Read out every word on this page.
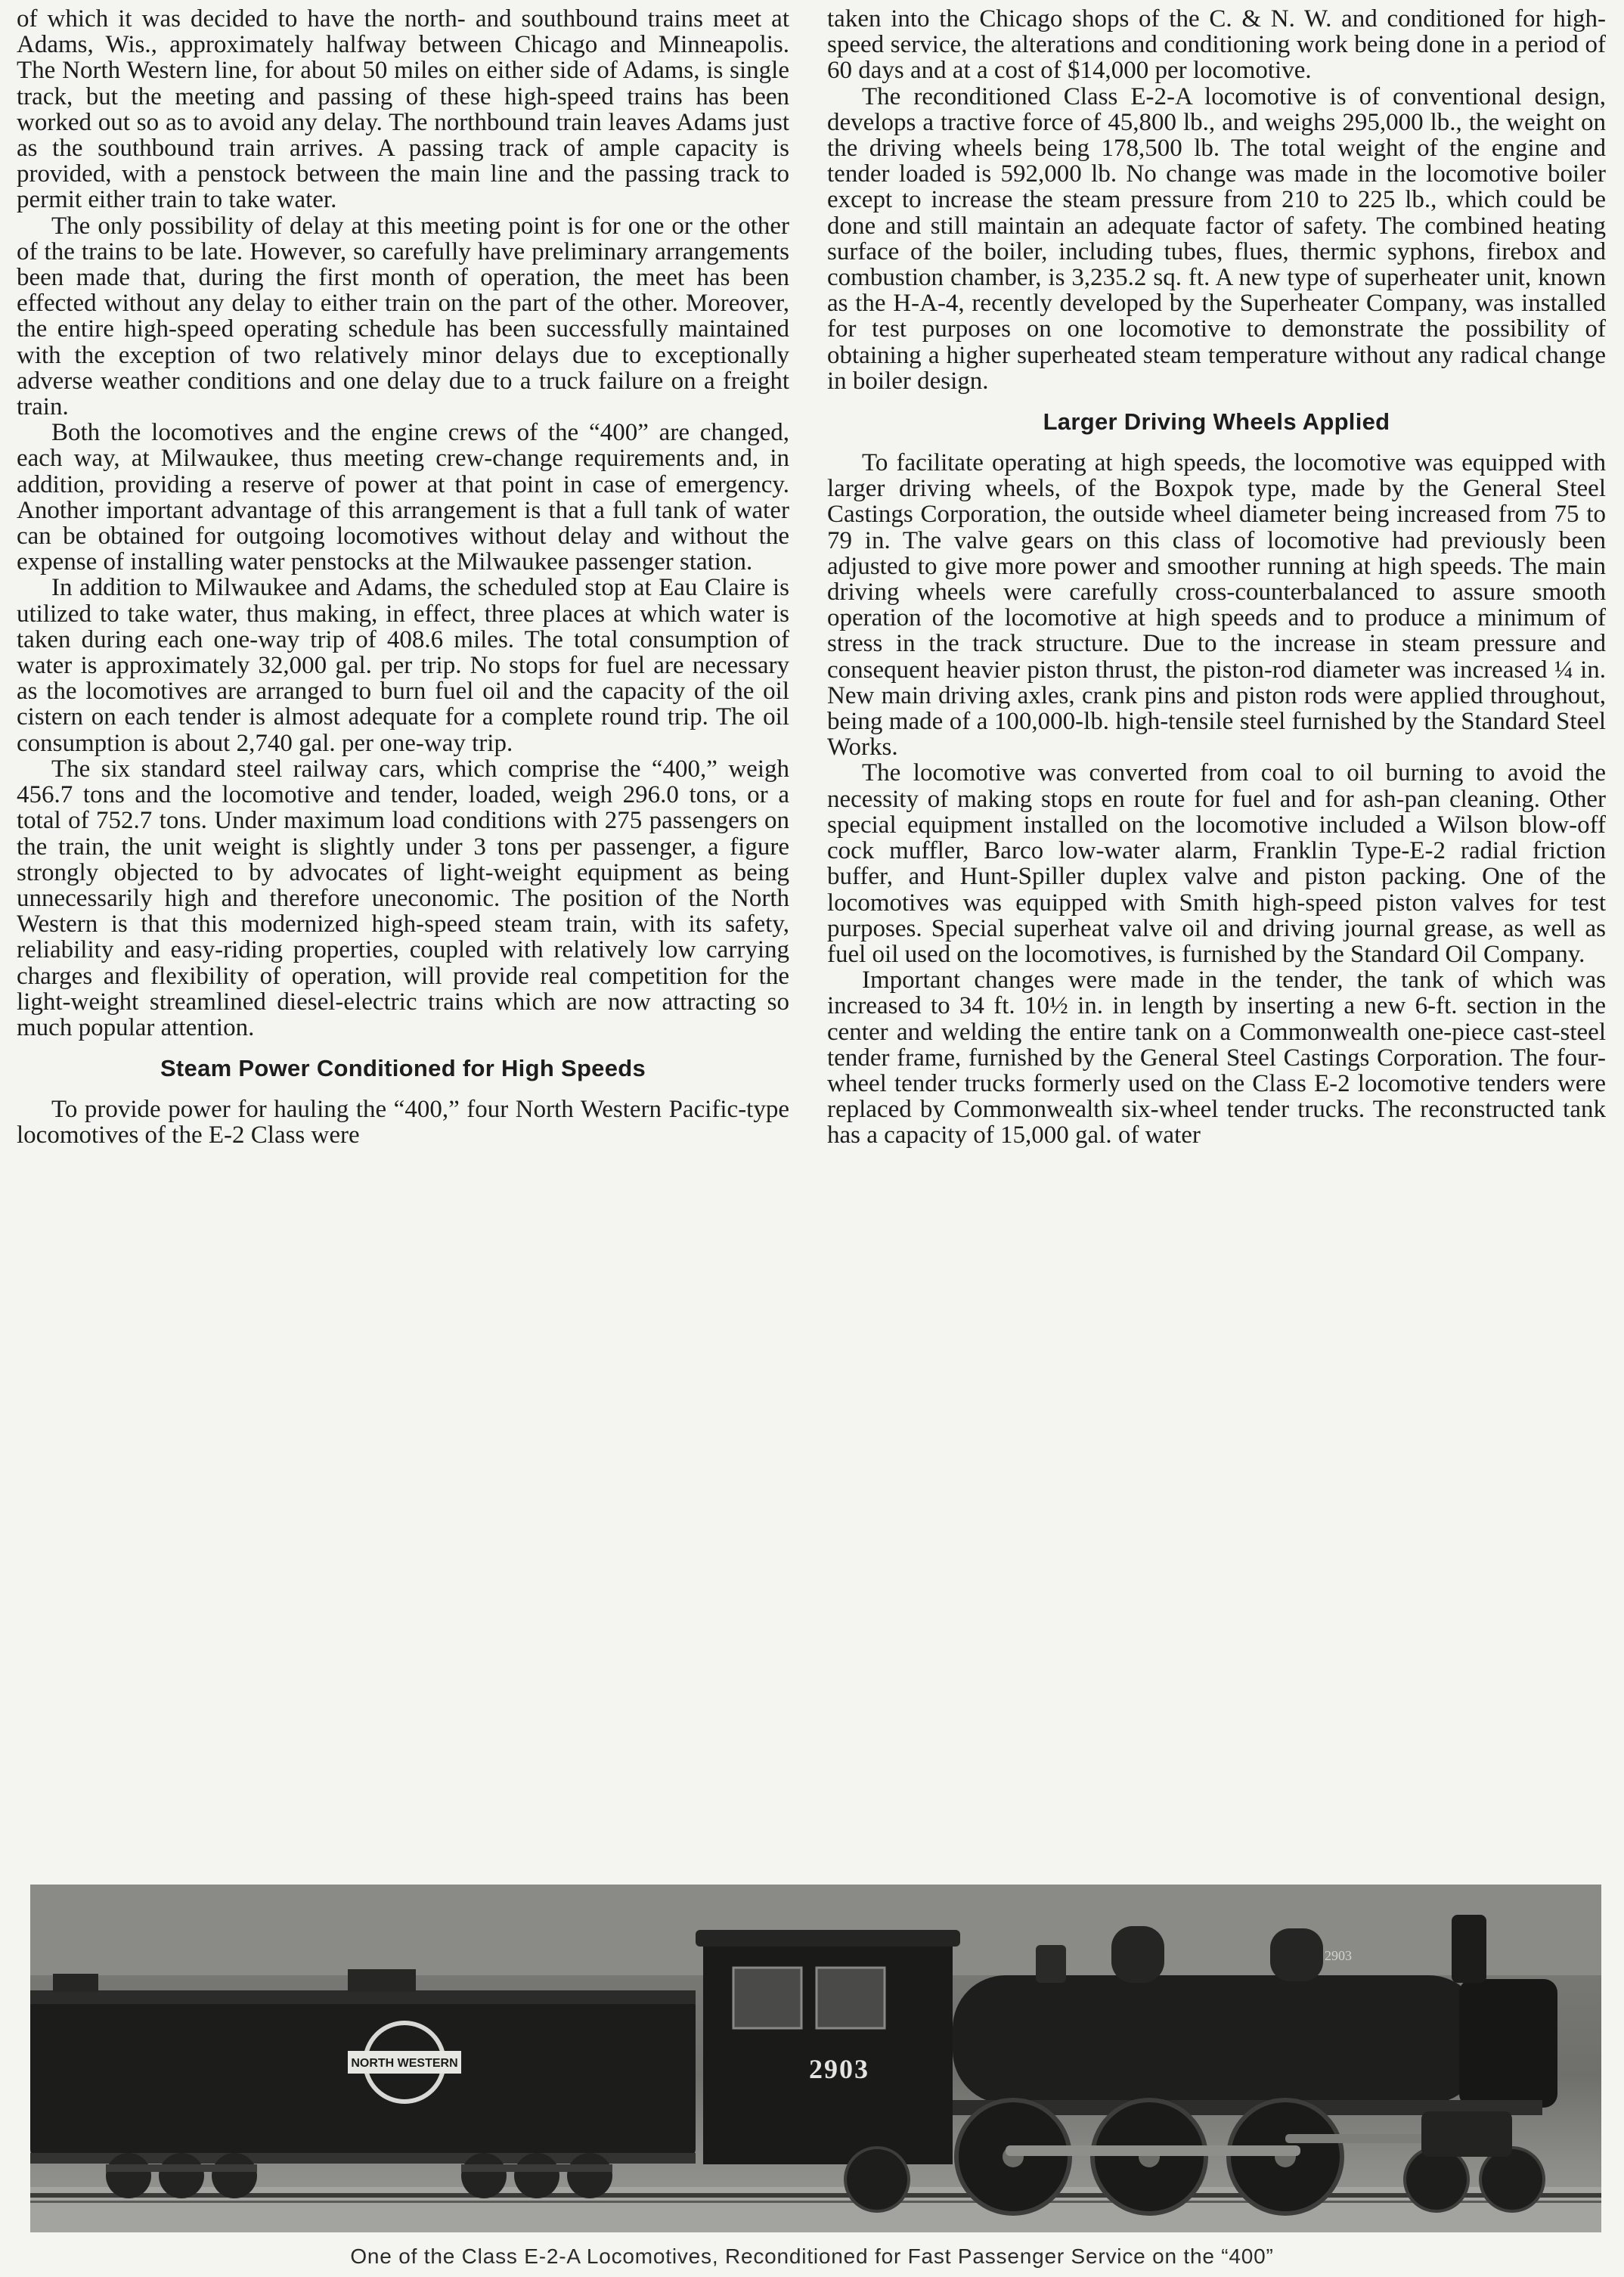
of which it was decided to have the north- and southbound trains meet at Adams, Wis., approximately halfway between Chicago and Minneapolis. The North Western line, for about 50 miles on either side of Adams, is single track, but the meeting and passing of these high-speed trains has been worked out so as to avoid any delay. The northbound train leaves Adams just as the southbound train arrives. A passing track of ample capacity is provided, with a penstock between the main line and the passing track to permit either train to take water.

The only possibility of delay at this meeting point is for one or the other of the trains to be late. However, so carefully have preliminary arrangements been made that, during the first month of operation, the meet has been effected without any delay to either train on the part of the other. Moreover, the entire high-speed operating schedule has been successfully maintained with the exception of two relatively minor delays due to exceptionally adverse weather conditions and one delay due to a truck failure on a freight train.

Both the locomotives and the engine crews of the “400” are changed, each way, at Milwaukee, thus meeting crew-change requirements and, in addition, providing a reserve of power at that point in case of emergency. Another important advantage of this arrangement is that a full tank of water can be obtained for outgoing locomotives without delay and without the expense of installing water penstocks at the Milwaukee passenger station.

In addition to Milwaukee and Adams, the scheduled stop at Eau Claire is utilized to take water, thus making, in effect, three places at which water is taken during each one-way trip of 408.6 miles. The total consumption of water is approximately 32,000 gal. per trip. No stops for fuel are necessary as the locomotives are arranged to burn fuel oil and the capacity of the oil cistern on each tender is almost adequate for a complete round trip. The oil consumption is about 2,740 gal. per one-way trip.

The six standard steel railway cars, which comprise the “400,” weigh 456.7 tons and the locomotive and tender, loaded, weigh 296.0 tons, or a total of 752.7 tons. Under maximum load conditions with 275 passengers on the train, the unit weight is slightly under 3 tons per passenger, a figure strongly objected to by advocates of light-weight equipment as being unnecessarily high and therefore uneconomic. The position of the North Western is that this modernized high-speed steam train, with its safety, reliability and easy-riding properties, coupled with relatively low carrying charges and flexibility of operation, will provide real competition for the light-weight streamlined diesel-electric trains which are now attracting so much popular attention.

Steam Power Conditioned for High Speeds

To provide power for hauling the “400,” four North Western Pacific-type locomotives of the E-2 Class were

taken into the Chicago shops of the C. & N. W. and conditioned for high-speed service, the alterations and conditioning work being done in a period of 60 days and at a cost of $14,000 per locomotive.

The reconditioned Class E-2-A locomotive is of conventional design, develops a tractive force of 45,800 lb., and weighs 295,000 lb., the weight on the driving wheels being 178,500 lb. The total weight of the engine and tender loaded is 592,000 lb. No change was made in the locomotive boiler except to increase the steam pressure from 210 to 225 lb., which could be done and still maintain an adequate factor of safety. The combined heating surface of the boiler, including tubes, flues, thermic syphons, firebox and combustion chamber, is 3,235.2 sq. ft. A new type of superheater unit, known as the H-A-4, recently developed by the Superheater Company, was installed for test purposes on one locomotive to demonstrate the possibility of obtaining a higher superheated steam temperature without any radical change in boiler design.

Larger Driving Wheels Applied

To facilitate operating at high speeds, the locomotive was equipped with larger driving wheels, of the Boxpok type, made by the General Steel Castings Corporation, the outside wheel diameter being increased from 75 to 79 in. The valve gears on this class of locomotive had previously been adjusted to give more power and smoother running at high speeds. The main driving wheels were carefully cross-counterbalanced to assure smooth operation of the locomotive at high speeds and to produce a minimum of stress in the track structure. Due to the increase in steam pressure and consequent heavier piston thrust, the piston-rod diameter was increased ¼ in. New main driving axles, crank pins and piston rods were applied throughout, being made of a 100,000-lb. high-tensile steel furnished by the Standard Steel Works.

The locomotive was converted from coal to oil burning to avoid the necessity of making stops en route for fuel and for ash-pan cleaning. Other special equipment installed on the locomotive included a Wilson blow-off cock muffler, Barco low-water alarm, Franklin Type-E-2 radial friction buffer, and Hunt-Spiller duplex valve and piston packing. One of the locomotives was equipped with Smith high-speed piston valves for test purposes. Special superheat valve oil and driving journal grease, as well as fuel oil used on the locomotives, is furnished by the Standard Oil Company.

Important changes were made in the tender, the tank of which was increased to 34 ft. 10½ in. in length by inserting a new 6-ft. section in the center and welding the entire tank on a Commonwealth one-piece cast-steel tender frame, furnished by the General Steel Castings Corporation. The four-wheel tender trucks formerly used on the Class E-2 locomotive tenders were replaced by Commonwealth six-wheel tender trucks. The reconstructed tank has a capacity of 15,000 gal. of water

NORTH WESTERN	2903
2903
One of the Class E-2-A Locomotives, Reconditioned for Fast Passenger Service on the “400”
